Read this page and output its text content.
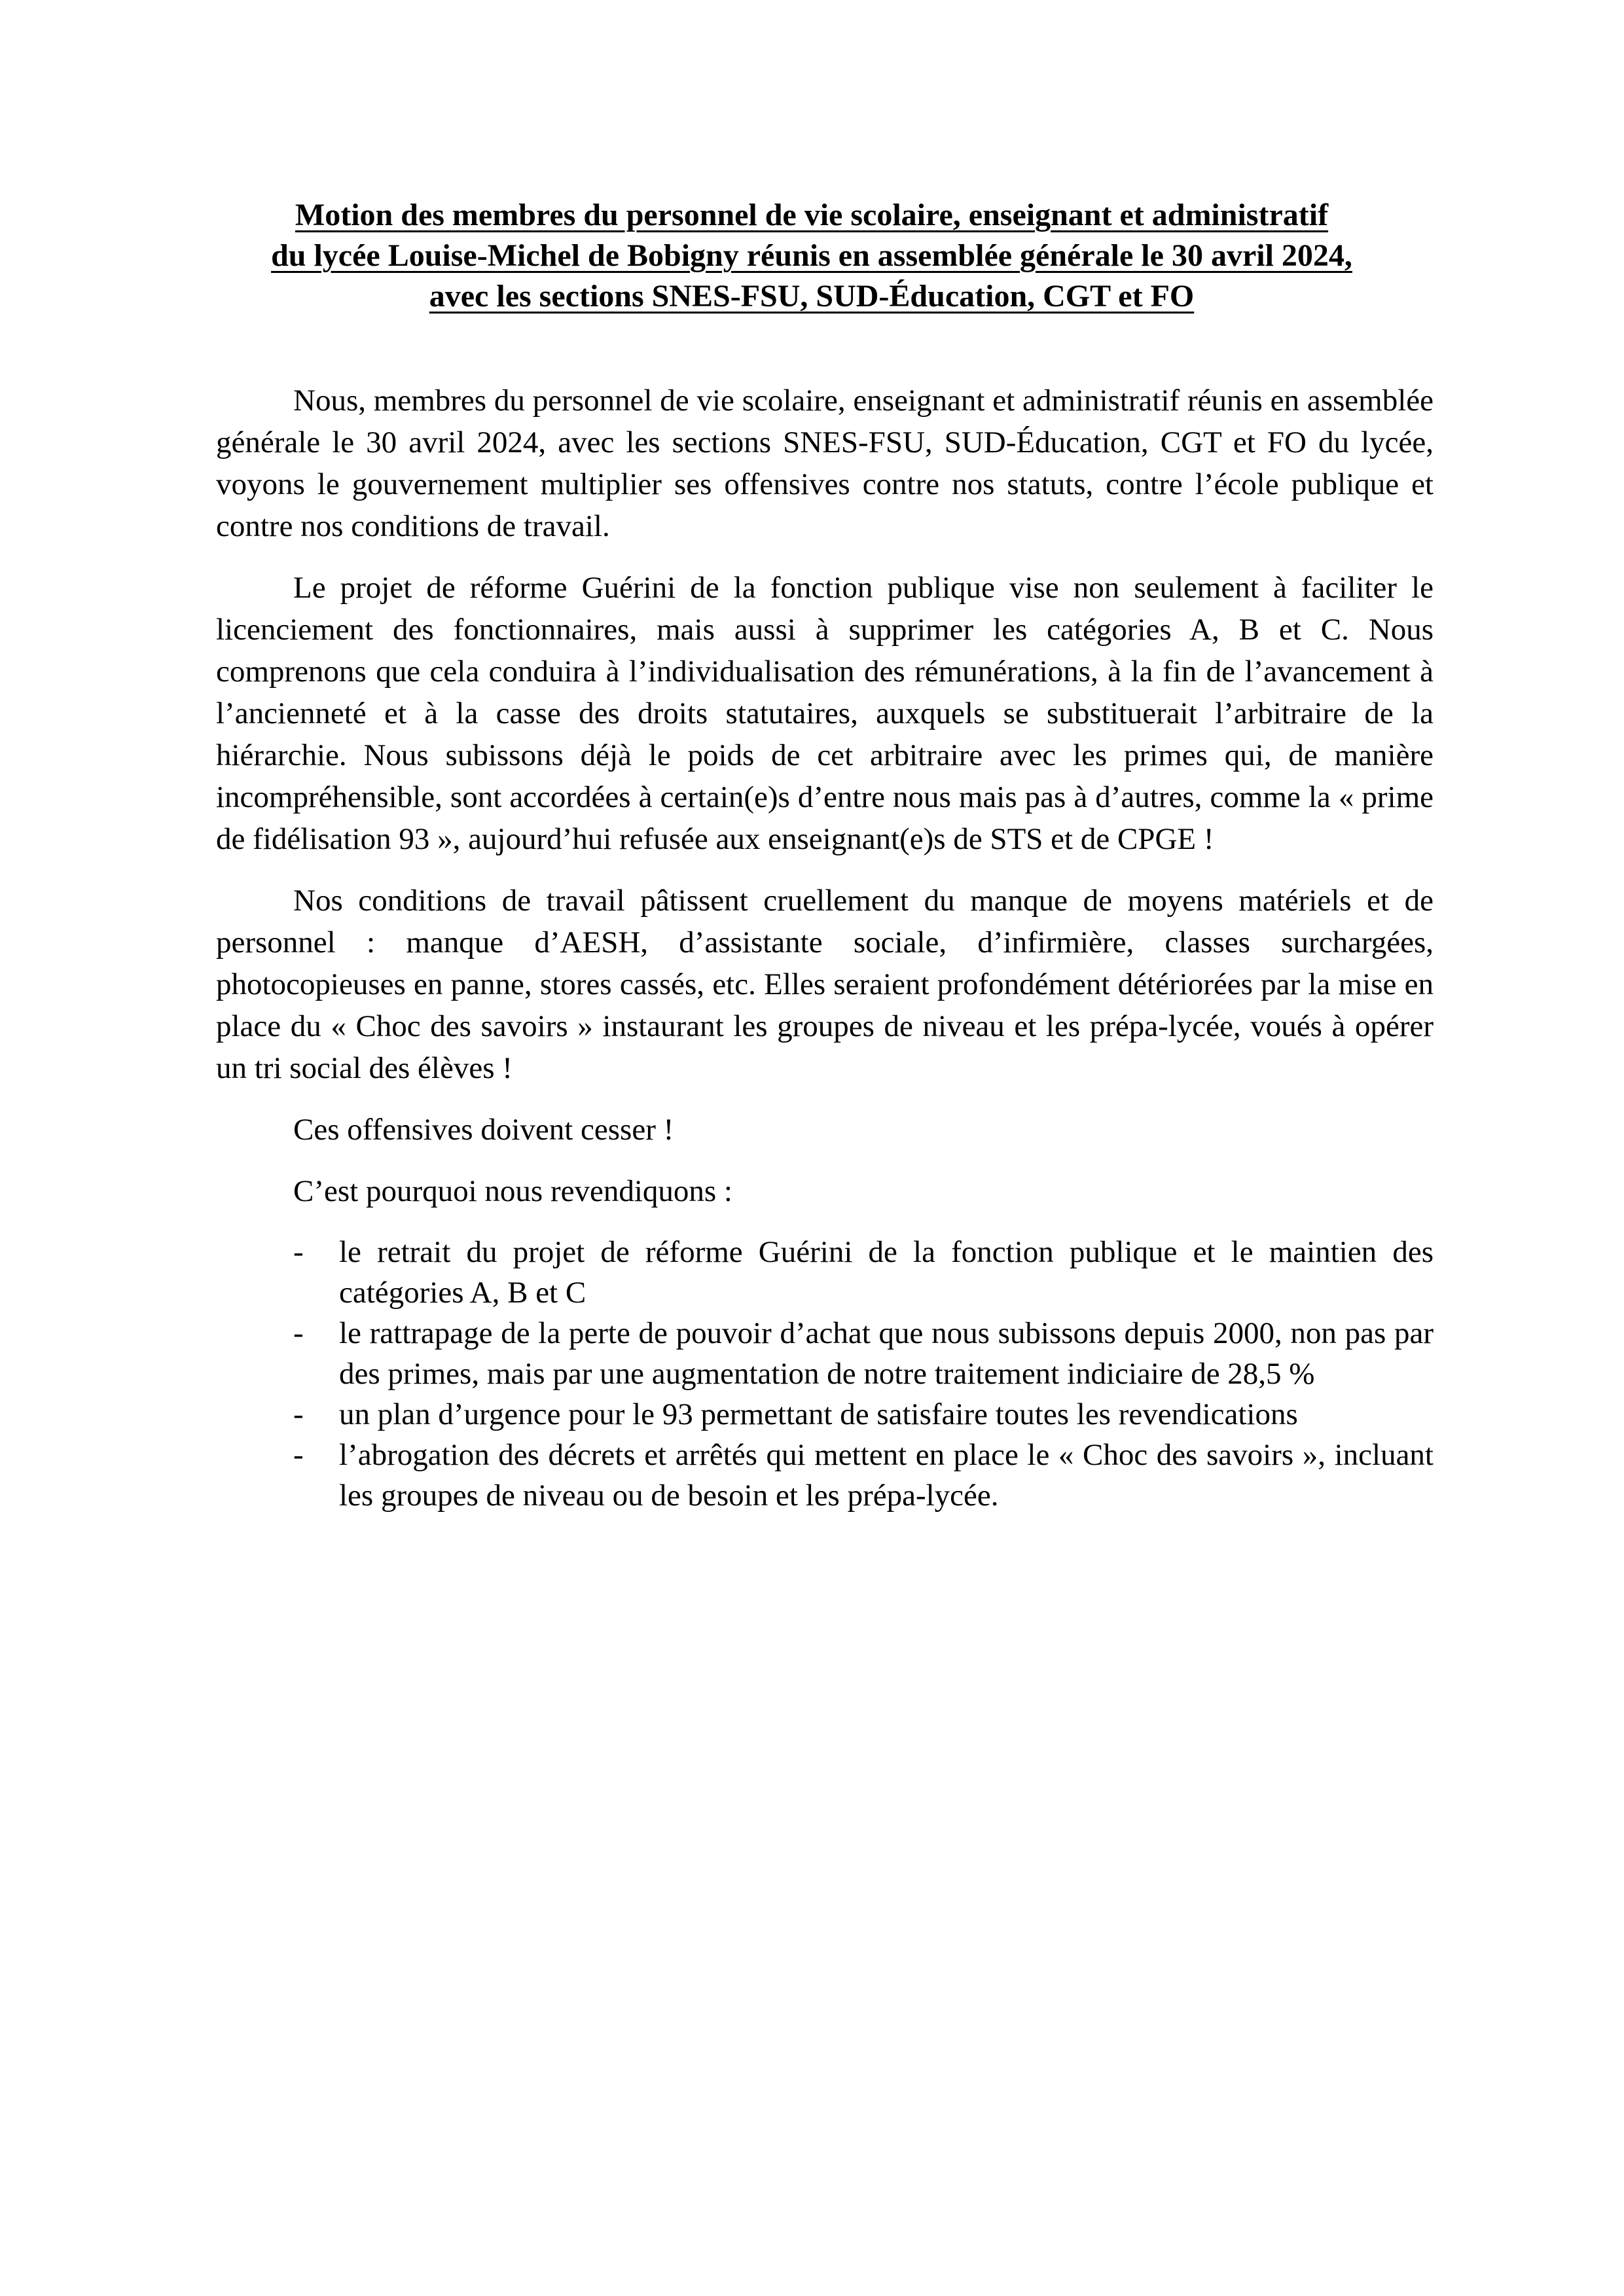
Motion des membres du personnel de vie scolaire, enseignant et administratif
du lycée Louise-Michel de Bobigny réunis en assemblée générale le 30 avril 2024,
avec les sections SNES-FSU, SUD-Éducation, CGT et FO

Nous, membres du personnel de vie scolaire, enseignant et administratif réunis en assemblée générale le 30 avril 2024, avec les sections SNES-FSU, SUD-Éducation, CGT et FO du lycée, voyons le gouvernement multiplier ses offensives contre nos statuts, contre l’école publique et contre nos conditions de travail.

Le projet de réforme Guérini de la fonction publique vise non seulement à faciliter le licenciement des fonctionnaires, mais aussi à supprimer les catégories A, B et C. Nous comprenons que cela conduira à l’individualisation des rémunérations, à la fin de l’avancement à l’ancienneté et à la casse des droits statutaires, auxquels se substituerait l’arbitraire de la hiérarchie. Nous subissons déjà le poids de cet arbitraire avec les primes qui, de manière incompréhensible, sont accordées à certain(e)s d’entre nous mais pas à d’autres, comme la « prime de fidélisation 93 », aujourd’hui refusée aux enseignant(e)s de STS et de CPGE !

Nos conditions de travail pâtissent cruellement du manque de moyens matériels et de personnel : manque d’AESH, d’assistante sociale, d’infirmière, classes surchargées, photocopieuses en panne, stores cassés, etc. Elles seraient profondément détériorées par la mise en place du « Choc des savoirs » instaurant les groupes de niveau et les prépa-lycée, voués à opérer un tri social des élèves !

Ces offensives doivent cesser !

C’est pourquoi nous revendiquons :

- le retrait du projet de réforme Guérini de la fonction publique et le maintien des catégories A, B et C
- le rattrapage de la perte de pouvoir d’achat que nous subissons depuis 2000, non pas par des primes, mais par une augmentation de notre traitement indiciaire de 28,5 %
- un plan d’urgence pour le 93 permettant de satisfaire toutes les revendications
- l’abrogation des décrets et arrêtés qui mettent en place le « Choc des savoirs », incluant les groupes de niveau ou de besoin et les prépa-lycée.
